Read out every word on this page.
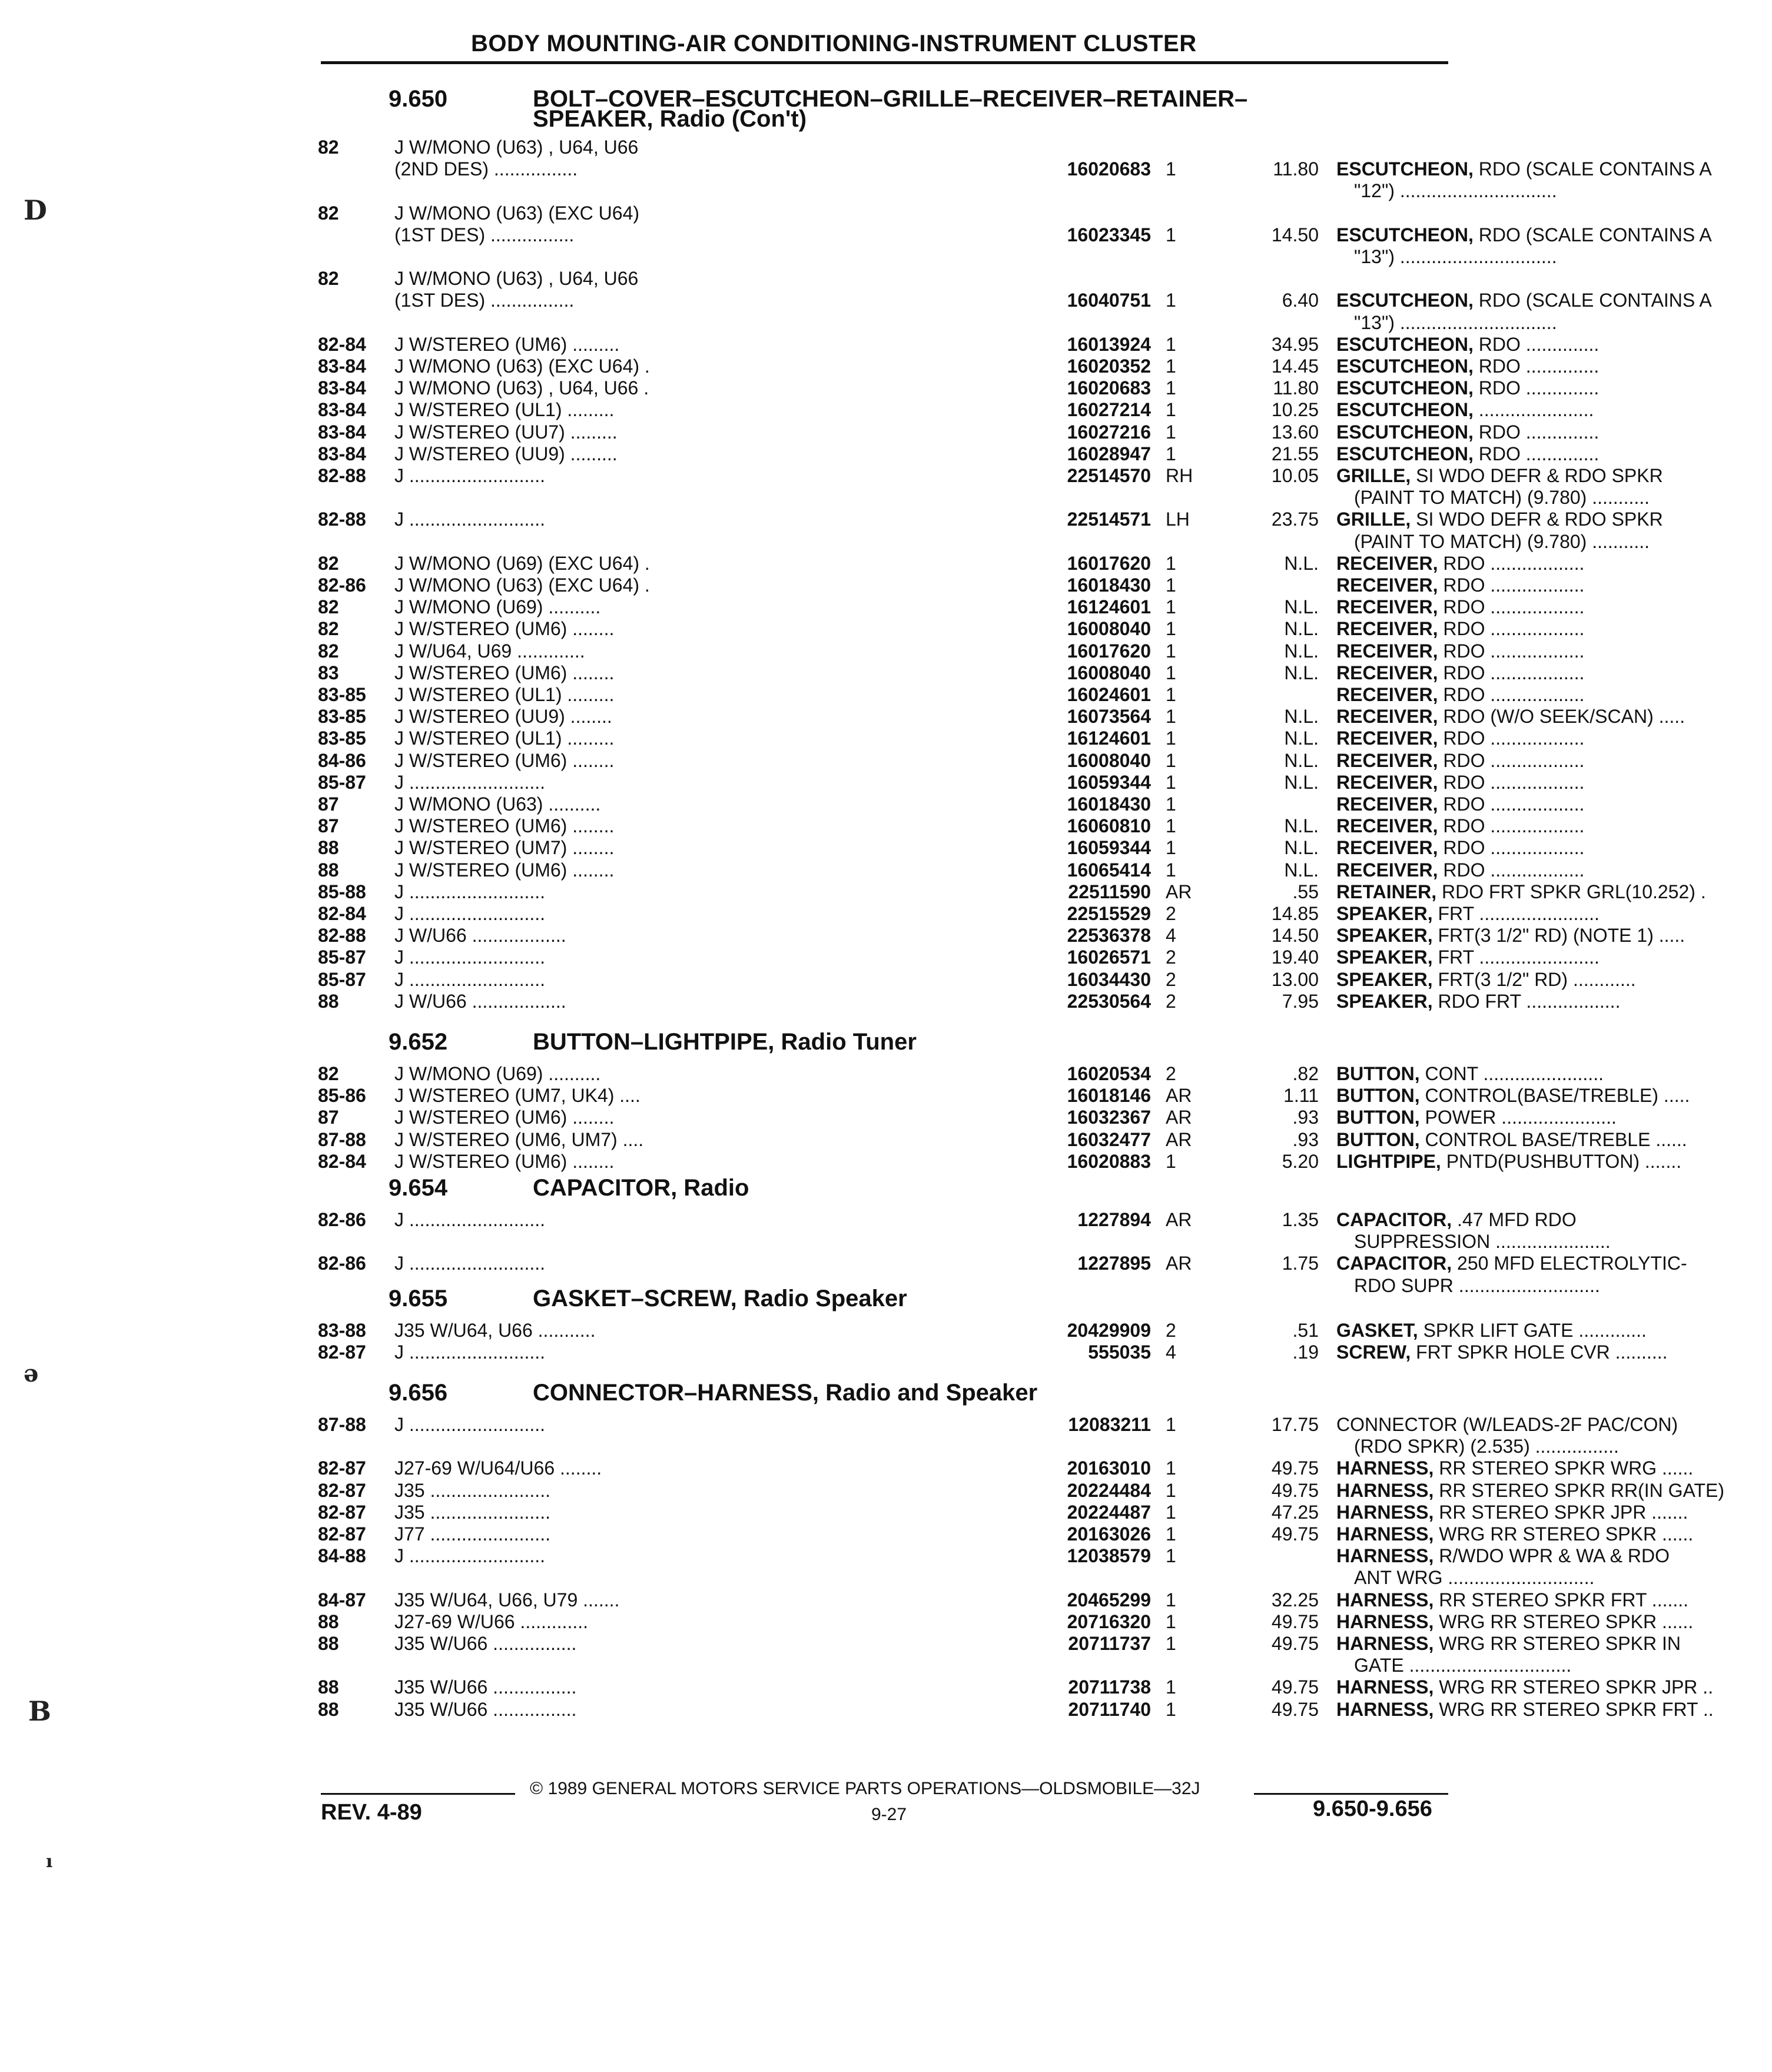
D
ə
B
ı
BODY MOUNTING-AIR CONDITIONING-INSTRUMENT CLUSTER
9.650	BOLT–COVER–ESCUTCHEON–GRILLE–RECEIVER–RETAINER–
SPEAKER, Radio (Con't)
82	J W/MONO (U63) , U64, U66
(2ND DES) ................	16020683 1	11.80 ESCUTCHEON, RDO (SCALE CONTAINS A
"12") ..............................
82	J W/MONO (U63) (EXC U64)
(1ST DES) ................	16023345 1	14.50 ESCUTCHEON, RDO (SCALE CONTAINS A
"13") ..............................
82	J W/MONO (U63) , U64, U66
(1ST DES) ................	16040751 1	6.40 ESCUTCHEON, RDO (SCALE CONTAINS A
"13") ..............................
82-84 J W/STEREO (UM6) .........	16013924 1	34.95 ESCUTCHEON, RDO ..............
83-84 J W/MONO (U63) (EXC U64) .	16020352 1	14.45 ESCUTCHEON, RDO ..............
83-84 J W/MONO (U63) , U64, U66 .	16020683 1	11.80 ESCUTCHEON, RDO ..............
83-84 J W/STEREO (UL1) .........	16027214 1	10.25 ESCUTCHEON, ......................
83-84 J W/STEREO (UU7) .........	16027216 1	13.60 ESCUTCHEON, RDO ..............
83-84 J W/STEREO (UU9) .........	16028947 1	21.55 ESCUTCHEON, RDO ..............
82-88 J ..........................	22514570 RH	10.05 GRILLE, SI WDO DEFR & RDO SPKR
(PAINT TO MATCH) (9.780) ...........
82-88 J ..........................	22514571 LH	23.75 GRILLE, SI WDO DEFR & RDO SPKR
(PAINT TO MATCH) (9.780) ...........
82	J W/MONO (U69) (EXC U64) .	16017620 1	N.L. RECEIVER, RDO ..................
82-86 J W/MONO (U63) (EXC U64) .	16018430 1	RECEIVER, RDO ..................
82	J W/MONO (U69) ..........	16124601 1	N.L. RECEIVER, RDO ..................
82	J W/STEREO (UM6) ........	16008040 1	N.L. RECEIVER, RDO ..................
82	J W/U64, U69 .............	16017620 1	N.L. RECEIVER, RDO ..................
83	J W/STEREO (UM6) ........	16008040 1	N.L. RECEIVER, RDO ..................
83-85 J W/STEREO (UL1) .........	16024601 1	RECEIVER, RDO ..................
83-85 J W/STEREO (UU9) ........	16073564 1	N.L. RECEIVER, RDO (W/O SEEK/SCAN) .....
83-85 J W/STEREO (UL1) .........	16124601 1	N.L. RECEIVER, RDO ..................
84-86 J W/STEREO (UM6) ........	16008040 1	N.L. RECEIVER, RDO ..................
85-87 J ..........................	16059344 1	N.L. RECEIVER, RDO ..................
87	J W/MONO (U63) ..........	16018430 1	RECEIVER, RDO ..................
87	J W/STEREO (UM6) ........	16060810 1	N.L. RECEIVER, RDO ..................
88	J W/STEREO (UM7) ........	16059344 1	N.L. RECEIVER, RDO ..................
88	J W/STEREO (UM6) ........	16065414 1	N.L. RECEIVER, RDO ..................
85-88 J ..........................	22511590 AR	.55 RETAINER, RDO FRT SPKR GRL(10.252) .
82-84 J ..........................	22515529 2	14.85 SPEAKER, FRT .......................
82-88 J W/U66 ..................	22536378 4	14.50 SPEAKER, FRT(3 1/2" RD) (NOTE 1) .....
85-87 J ..........................	16026571 2	19.40 SPEAKER, FRT .......................
85-87 J ..........................	16034430 2	13.00 SPEAKER, FRT(3 1/2" RD) ............
88	J W/U66 ..................	22530564 2	7.95 SPEAKER, RDO FRT ..................
9.652	BUTTON–LIGHTPIPE, Radio Tuner
82	J W/MONO (U69) ..........	16020534 2	.82 BUTTON, CONT .......................
85-86 J W/STEREO (UM7, UK4) ....	16018146 AR	1.11 BUTTON, CONTROL(BASE/TREBLE) .....
87	J W/STEREO (UM6) ........	16032367 AR	.93 BUTTON, POWER ......................
87-88 J W/STEREO (UM6, UM7) ....	16032477 AR	.93 BUTTON, CONTROL BASE/TREBLE ......
82-84 J W/STEREO (UM6) ........	16020883 1	5.20 LIGHTPIPE, PNTD(PUSHBUTTON) .......
9.654	CAPACITOR, Radio
82-86 J ..........................	1227894 AR	1.35 CAPACITOR, .47 MFD RDO
SUPPRESSION ......................
82-86 J ..........................	1227895 AR	1.75 CAPACITOR, 250 MFD ELECTROLYTIC-
RDO SUPR ...........................
9.655	GASKET–SCREW, Radio Speaker
83-88 J35 W/U64, U66 ...........	20429909 2	.51 GASKET, SPKR LIFT GATE .............
82-87 J ..........................	555035 4	.19 SCREW, FRT SPKR HOLE CVR ..........
9.656	CONNECTOR–HARNESS, Radio and Speaker
87-88 J ..........................	12083211 1	17.75 CONNECTOR (W/LEADS-2F PAC/CON)
(RDO SPKR) (2.535) ................
82-87 J27-69 W/U64/U66 ........	20163010 1	49.75 HARNESS, RR STEREO SPKR WRG ......
82-87 J35 .......................	20224484 1	49.75 HARNESS, RR STEREO SPKR RR(IN GATE)
82-87 J35 .......................	20224487 1	47.25 HARNESS, RR STEREO SPKR JPR .......
82-87 J77 .......................	20163026 1	49.75 HARNESS, WRG RR STEREO SPKR ......
84-88 J ..........................	12038579 1	HARNESS, R/WDO WPR & WA & RDO
ANT WRG ............................
84-87 J35 W/U64, U66, U79 .......	20465299 1	32.25 HARNESS, RR STEREO SPKR FRT .......
88	J27-69 W/U66 .............	20716320 1	49.75 HARNESS, WRG RR STEREO SPKR ......
88	J35 W/U66 ................	20711737 1	49.75 HARNESS, WRG RR STEREO SPKR IN
GATE ...............................
88	J35 W/U66 ................	20711738 1	49.75 HARNESS, WRG RR STEREO SPKR JPR ..
88	J35 W/U66 ................	20711740 1	49.75 HARNESS, WRG RR STEREO SPKR FRT ..
© 1989 GENERAL MOTORS SERVICE PARTS OPERATIONS—OLDSMOBILE—32J
REV. 4-89	9-27	9.650-9.656
